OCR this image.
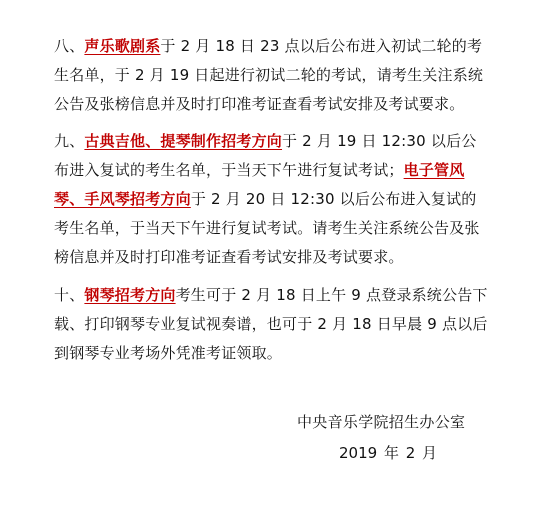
八、声乐歌剧系于 2 月 18 日 23 点以后公布进入初试二轮的考生名单，于 2 月 19 日起进行初试二轮的考试，请考生关注系统公告及张榜信息并及时打印准考证查看考试安排及考试要求。

九、古典吉他、提琴制作招考方向于 2 月 19 日 12:30 以后公布进入复试的考生名单，于当天下午进行复试考试；电子管风琴、手风琴招考方向于 2 月 20 日 12:30 以后公布进入复试的考生名单，于当天下午进行复试考试。请考生关注系统公告及张榜信息并及时打印准考证查看考试安排及考试要求。

十、钢琴招考方向考生可于 2 月 18 日上午 9 点登录系统公告下载、打印钢琴专业复试视奏谱，也可于 2 月 18 日早晨 9 点以后到钢琴专业考场外凭准考证领取。

中央音乐学院招生办公室
2019 年 2 月
